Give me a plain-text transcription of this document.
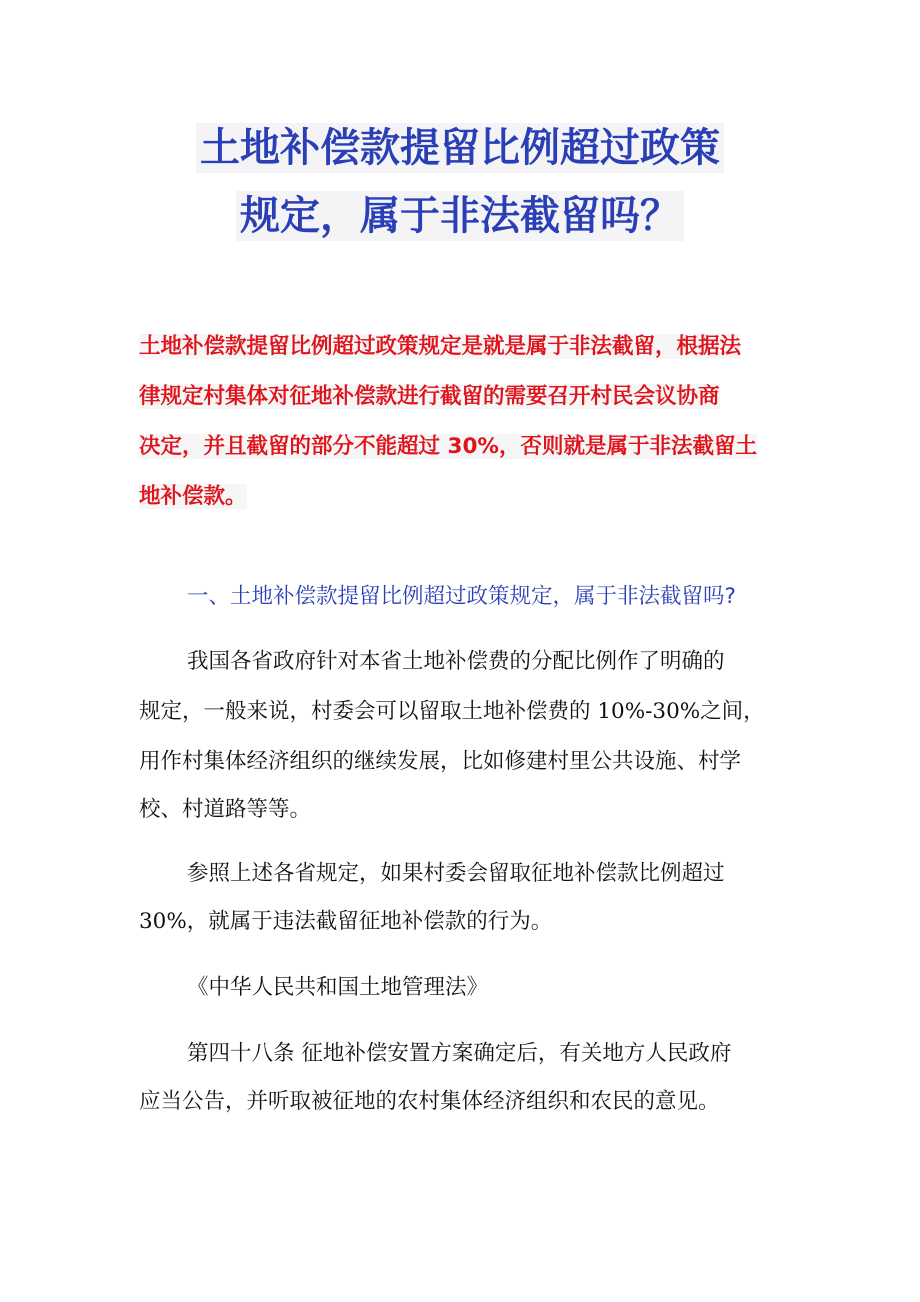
土地补偿款提留比例超过政策
规定，属于非法截留吗？
土地补偿款提留比例超过政策规定是就是属于非法截留，根据法
律规定村集体对征地补偿款进行截留的需要召开村民会议协商
决定，并且截留的部分不能超过 30%，否则就是属于非法截留土
地补偿款。
一、土地补偿款提留比例超过政策规定，属于非法截留吗?
我国各省政府针对本省土地补偿费的分配比例作了明确的
规定，一般来说，村委会可以留取土地补偿费的 10%-30%之间，
用作村集体经济组织的继续发展，比如修建村里公共设施、村学
校、村道路等等。
参照上述各省规定，如果村委会留取征地补偿款比例超过
30%，就属于违法截留征地补偿款的行为。
《中华人民共和国土地管理法》
第四十八条 征地补偿安置方案确定后，有关地方人民政府
应当公告，并听取被征地的农村集体经济组织和农民的意见。
